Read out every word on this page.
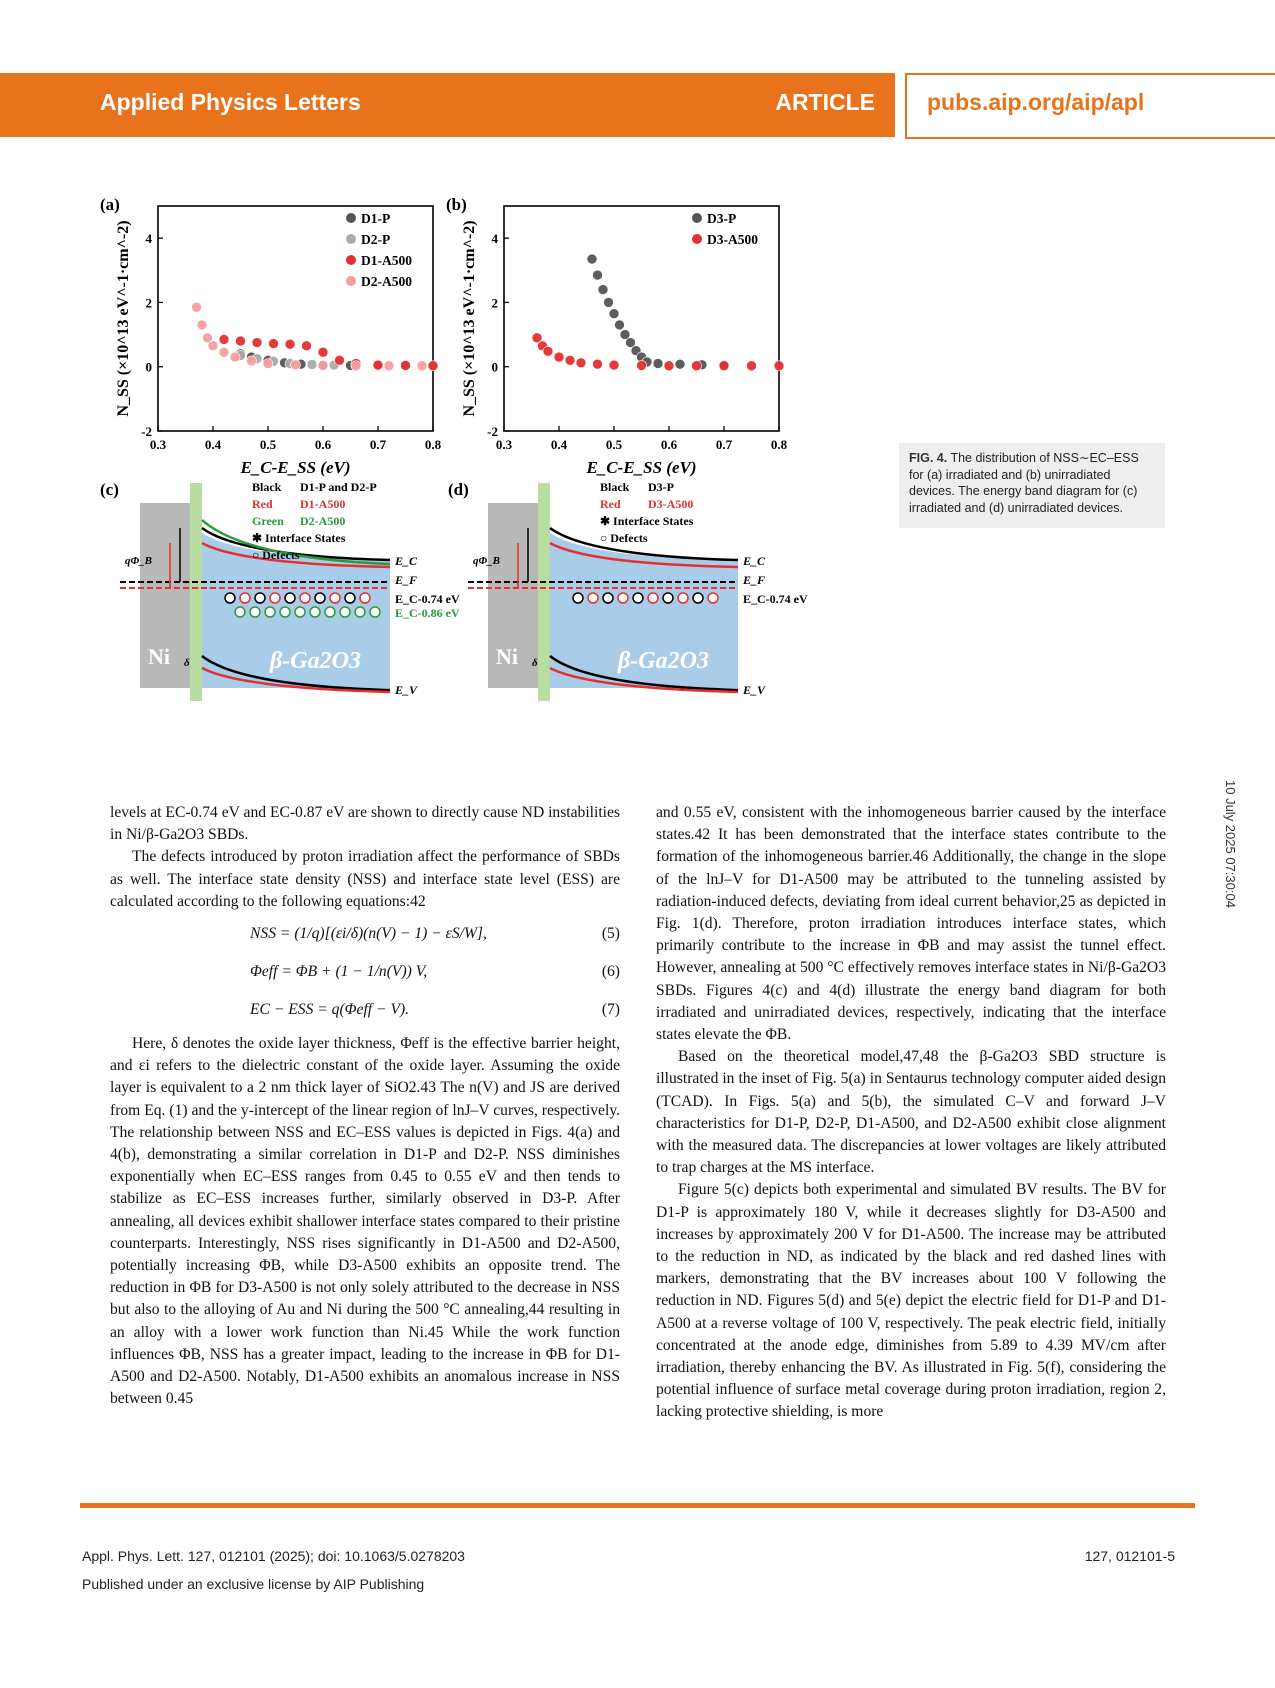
Applied Physics Letters	ARTICLE pubs.aip.org/aip/apl
(a)
0.3	0.4	0.5	0.6	0.7	0.8
-2
0
2
4
E_C-E_SS (eV)
N_SS (×10^13 eV^-1·cm^-2)
D1-P
D2-P
D1-A500
D2-A500
(b)
0.3	0.4	0.5	0.6	0.7	0.8
-2
0
2
4
E_C-E_SS (eV)
N_SS (×10^13 eV^-1·cm^-2)
D3-P
D3-A500
(c)
Ni	β-Ga2O3
qΦ_B
δ
E_C
E_F
E_C-0.74 eV
E_C-0.86 eV
E_V
Black D1-P and D2-P
Red D1-A500
Green D2-A500
✱ Interface States
○ Defects
(d)
Ni	β-Ga2O3
qΦ_B
δ
E_C
E_F
E_C-0.74 eV
E_V
Black D3-P
Red D3-A500
✱ Interface States
○ Defects
FIG. 4. The distribution of NSS∼EC–ESS for (a) irradiated and (b) unirradiated devices. The energy band diagram for (c) irradiated and (d) unirradiated devices.

levels at EC-0.74 eV and EC-0.87 eV are shown to directly cause ND instabilities in Ni/β-Ga2O3 SBDs.

The defects introduced by proton irradiation affect the performance of SBDs as well. The interface state density (NSS) and interface state level (ESS) are calculated according to the following equations:42

NSS = (1/q)[(εi/δ)(n(V) − 1) − εS/W],	(5)
Φeff = ΦB + (1 − 1/n(V)) V,	(6)
EC − ESS = q(Φeff − V).	(7)

Here, δ denotes the oxide layer thickness, Φeff is the effective barrier height, and εi refers to the dielectric constant of the oxide layer. Assuming the oxide layer is equivalent to a 2 nm thick layer of SiO2.43 The n(V) and JS are derived from Eq. (1) and the y-intercept of the linear region of lnJ–V curves, respectively. The relationship between NSS and EC–ESS values is depicted in Figs. 4(a) and 4(b), demonstrating a similar correlation in D1-P and D2-P. NSS diminishes exponentially when EC–ESS ranges from 0.45 to 0.55 eV and then tends to stabilize as EC–ESS increases further, similarly observed in D3-P. After annealing, all devices exhibit shallower interface states compared to their pristine counterparts. Interestingly, NSS rises significantly in D1-A500 and D2-A500, potentially increasing ΦB, while D3-A500 exhibits an opposite trend. The reduction in ΦB for D3-A500 is not only solely attributed to the decrease in NSS but also to the alloying of Au and Ni during the 500 °C annealing,44 resulting in an alloy with a lower work function than Ni.45 While the work function influences ΦB, NSS has a greater impact, leading to the increase in ΦB for D1-A500 and D2-A500. Notably, D1-A500 exhibits an anomalous increase in NSS between 0.45

and 0.55 eV, consistent with the inhomogeneous barrier caused by the interface states.42 It has been demonstrated that the interface states contribute to the formation of the inhomogeneous barrier.46 Additionally, the change in the slope of the lnJ–V for D1-A500 may be attributed to the tunneling assisted by radiation-induced defects, deviating from ideal current behavior,25 as depicted in Fig. 1(d). Therefore, proton irradiation introduces interface states, which primarily contribute to the increase in ΦB and may assist the tunnel effect. However, annealing at 500 °C effectively removes interface states in Ni/β-Ga2O3 SBDs. Figures 4(c) and 4(d) illustrate the energy band diagram for both irradiated and unirradiated devices, respectively, indicating that the interface states elevate the ΦB.

Based on the theoretical model,47,48 the β-Ga2O3 SBD structure is illustrated in the inset of Fig. 5(a) in Sentaurus technology computer aided design (TCAD). In Figs. 5(a) and 5(b), the simulated C–V and forward J–V characteristics for D1-P, D2-P, D1-A500, and D2-A500 exhibit close alignment with the measured data. The discrepancies at lower voltages are likely attributed to trap charges at the MS interface.

Figure 5(c) depicts both experimental and simulated BV results. The BV for D1-P is approximately 180 V, while it decreases slightly for D3-A500 and increases by approximately 200 V for D1-A500. The increase may be attributed to the reduction in ND, as indicated by the black and red dashed lines with markers, demonstrating that the BV increases about 100 V following the reduction in ND. Figures 5(d) and 5(e) depict the electric field for D1-P and D1-A500 at a reverse voltage of 100 V, respectively. The peak electric field, initially concentrated at the anode edge, diminishes from 5.89 to 4.39 MV/cm after irradiation, thereby enhancing the BV. As illustrated in Fig. 5(f), considering the potential influence of surface metal coverage during proton irradiation, region 2, lacking protective shielding, is more

10 July 2025 07:30:04
Appl. Phys. Lett. 127, 012101 (2025); doi: 10.1063/5.0278203
Published under an exclusive license by AIP Publishing
127, 012101-5
